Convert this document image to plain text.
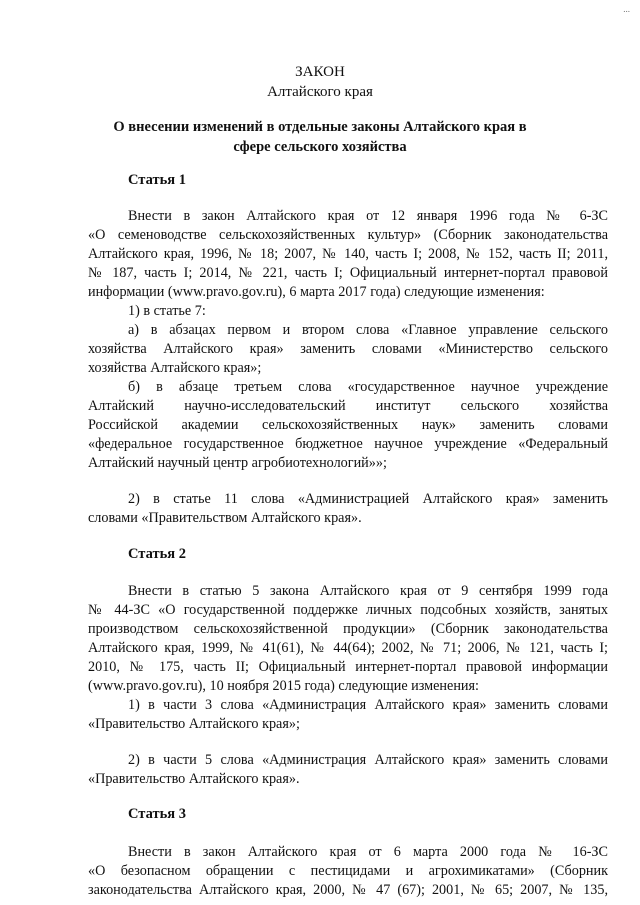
...
ЗАКОН
Алтайского края
О внесении изменений в отдельные законы Алтайского края в
сфере сельского хозяйства
Статья 1
Внести в закон Алтайского края от 12 января 1996 года № 6-ЗС
«О семеноводстве сельскохозяйственных культур» (Сборник законодательства
Алтайского края, 1996, № 18; 2007, № 140, часть I; 2008, № 152, часть II; 2011,
№ 187, часть I; 2014, № 221, часть I; Официальный интернет-портал правовой
информации (www.pravo.gov.ru), 6 марта 2017 года) следующие изменения:
1) в статье 7:
а) в абзацах первом и втором слова «Главное управление сельского
хозяйства Алтайского края» заменить словами «Министерство сельского
хозяйства Алтайского края»;
б) в абзаце третьем слова «государственное научное учреждение
Алтайский научно-исследовательский институт сельского хозяйства
Российской академии сельскохозяйственных наук» заменить словами
«федеральное государственное бюджетное научное учреждение «Федеральный
Алтайский научный центр агробиотехнологий»»;
2) в статье 11 слова «Администрацией Алтайского края» заменить
словами «Правительством Алтайского края».
Статья 2
Внести в статью 5 закона Алтайского края от 9 сентября 1999 года
№ 44-ЗС «О государственной поддержке личных подсобных хозяйств, занятых
производством сельскохозяйственной продукции» (Сборник законодательства
Алтайского края, 1999, № 41(61), № 44(64); 2002, № 71; 2006, № 121, часть I;
2010, № 175, часть II; Официальный интернет-портал правовой информации
(www.pravo.gov.ru), 10 ноября 2015 года) следующие изменения:
1) в части 3 слова «Администрация Алтайского края» заменить словами
«Правительство Алтайского края»;
2) в части 5 слова «Администрация Алтайского края» заменить словами
«Правительство Алтайского края».
Статья 3
Внести в закон Алтайского края от 6 марта 2000 года № 16-ЗС
«О безопасном обращении с пестицидами и агрохимикатами» (Сборник
законодательства Алтайского края, 2000, № 47 (67); 2001, № 65; 2007, № 135,
